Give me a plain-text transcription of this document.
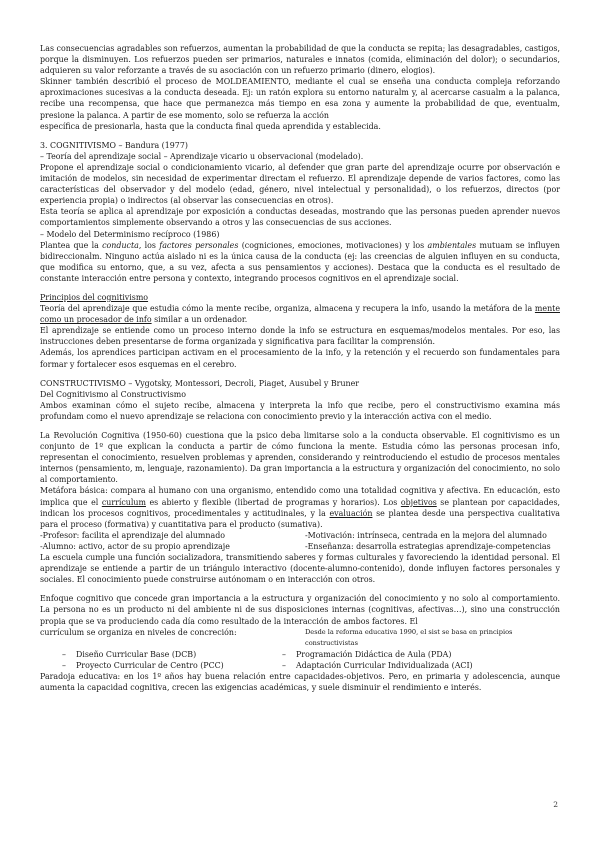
Las consecuencias agradables son refuerzos, aumentan la probabilidad de que la conducta se repita; las desagradables, castigos, porque la disminuyen. Los refuerzos pueden ser primarios, naturales e innatos (comida, eliminación del dolor); o secundarios, adquieren su valor reforzante a través de su asociación con un refuerzo primario (dinero, elogios).

Skinner también describió el proceso de MOLDEAMIENTO, mediante el cual se enseña una conducta compleja reforzando aproximaciones sucesivas a la conducta deseada. Ej: un ratón explora su entorno naturalm y, al acercarse casualm a la palanca, recibe una recompensa, que hace que permanezca más tiempo en esa zona y aumente la probabilidad de que, eventualm, presione la palanca. A partir de ese momento, solo se refuerza la acción

específica de presionarla, hasta que la conducta final queda aprendida y establecida.

3. COGNITIVISMO – Bandura (1977)

– Teoría del aprendizaje social – Aprendizaje vicario u observacional (modelado).

Propone el aprendizaje social o condicionamiento vicario, al defender que gran parte del aprendizaje ocurre por observación e imitación de modelos, sin necesidad de experimentar directam el refuerzo. El aprendizaje depende de varios factores, como las características del observador y del modelo (edad, género, nivel intelectual y personalidad), o los refuerzos, directos (por experiencia propia) o indirectos (al observar las consecuencias en otros).

Esta teoría se aplica al aprendizaje por exposición a conductas deseadas, mostrando que las personas pueden aprender nuevos comportamientos simplemente observando a otros y las consecuencias de sus acciones.

– Modelo del Determinismo recíproco (1986)

Plantea que la conducta, los factores personales (cogniciones, emociones, motivaciones) y los ambientales mutuam se influyen bidireccionalm. Ninguno actúa aislado ni es la única causa de la conducta (ej: las creencias de alguien influyen en su conducta, que modifica su entorno, que, a su vez, afecta a sus pensamientos y acciones). Destaca que la conducta es el resultado de constante interacción entre persona y contexto, integrando procesos cognitivos en el aprendizaje social.

Principios del cognitivismo

Teoría del aprendizaje que estudia cómo la mente recibe, organiza, almacena y recupera la info, usando la metáfora de la mente como un procesador de info similar a un ordenador.

El aprendizaje se entiende como un proceso interno donde la info se estructura en esquemas/modelos mentales. Por eso, las instrucciones deben presentarse de forma organizada y significativa para facilitar la comprensión.

Además, los aprendices participan activam en el procesamiento de la info, y la retención y el recuerdo son fundamentales para formar y fortalecer esos esquemas en el cerebro.

CONSTRUCTIVISMO – Vygotsky, Montessori, Decroli, Piaget, Ausubel y Bruner

Del Cognitivismo al Constructivismo

Ambos examinan cómo el sujeto recibe, almacena y interpreta la info que recibe, pero el constructivismo examina más profundam como el nuevo aprendizaje se relaciona con conocimiento previo y la interacción activa con el medio.

La Revolución Cognitiva (1950-60) cuestiona que la psico deba limitarse solo a la conducta observable. El cognitivismo es un conjunto de 1º que explican la conducta a partir de cómo funciona la mente. Estudia cómo las personas procesan info, representan el conocimiento, resuelven problemas y aprenden, considerando y reintroduciendo el estudio de procesos mentales internos (pensamiento, m, lenguaje, razonamiento). Da gran importancia a la estructura y organización del conocimiento, no solo al comportamiento.

Metáfora básica: compara al humano con una organismo, entendido como una totalidad cognitiva y afectiva. En educación, esto implica que el currículum es abierto y flexible (libertad de programas y horarios). Los objetivos se plantean por capacidades, indican los procesos cognitivos, procedimentales y actitudinales, y la evaluación se plantea desde una perspectiva cualitativa para el proceso (formativa) y cuantitativa para el producto (sumativa).

-Profesor: facilita el aprendizaje del alumnado	-Motivación: intrínseca, centrada en la mejora del alumnado
-Alumno: activo, actor de su propio aprendizaje	-Enseñanza: desarrolla estrategias aprendizaje-competencias

La escuela cumple una función socializadora, transmitiendo saberes y formas culturales y favoreciendo la identidad personal. El aprendizaje se entiende a partir de un triángulo interactivo (docente-alumno-contenido), donde influyen factores personales y sociales. El conocimiento puede construirse autónomam o en interacción con otros.

Enfoque cognitivo que concede gran importancia a la estructura y organización del conocimiento y no solo al comportamiento. La persona no es un producto ni del ambiente ni de sus disposiciones internas (cognitivas, afectivas…), sino una construcción propia que se va produciendo cada día como resultado de la interacción de ambos factores. El

currículum se organiza en niveles de concreción:	Desde la reforma educativa 1990, el sist se basa en principios constructivistas
– Diseño Curricular Base (DCB)	– Programación Didáctica de Aula (PDA)
– Proyecto Curricular de Centro (PCC)	– Adaptación Curricular Individualizada (ACI)

Paradoja educativa: en los 1º años hay buena relación entre capacidades-objetivos. Pero, en primaria y adolescencia, aunque aumenta la capacidad cognitiva, crecen las exigencias académicas, y suele disminuir el rendimiento e interés.

2
